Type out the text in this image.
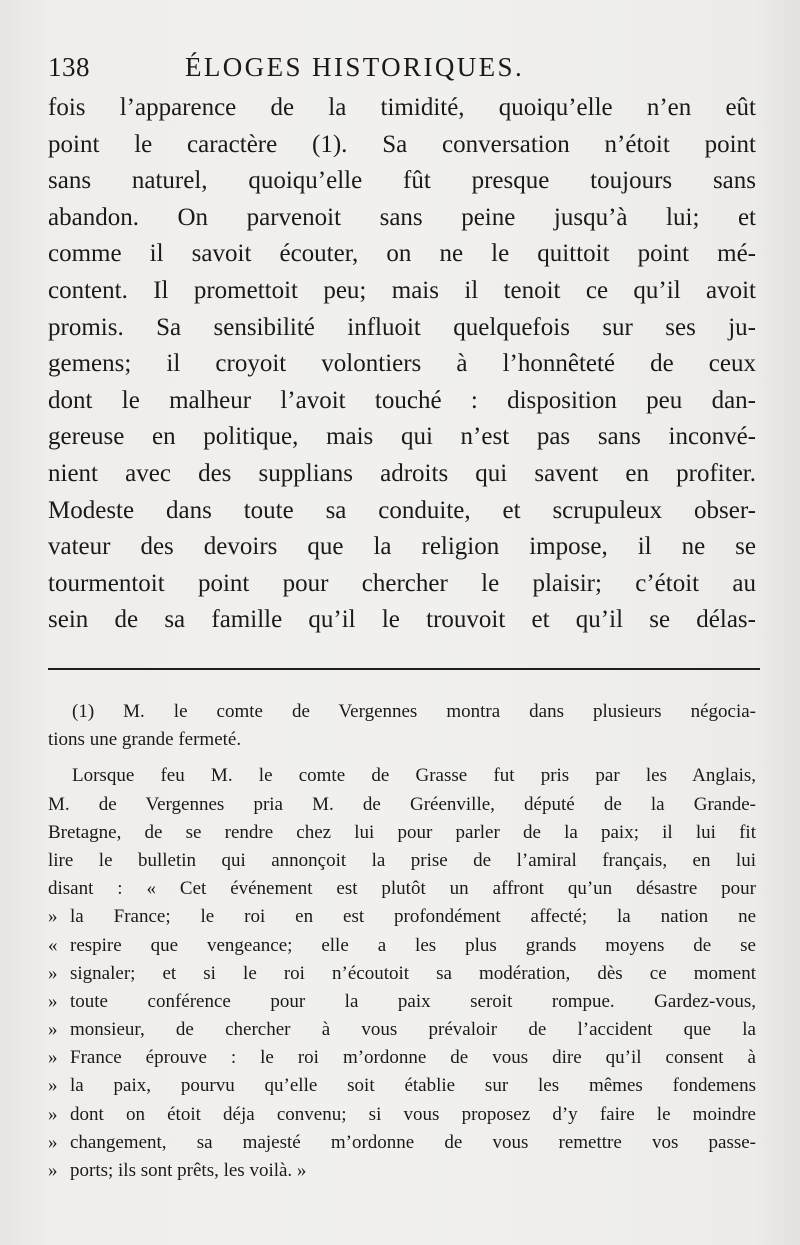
138	ÉLOGES HISTORIQUES.
fois l’apparence de la timidité, quoiqu’elle n’en eût
point le caractère (1). Sa conversation n’étoit point
sans naturel, quoiqu’elle fût presque toujours sans
abandon. On parvenoit sans peine jusqu’à lui; et
comme il savoit écouter, on ne le quittoit point mé-
content. Il promettoit peu; mais il tenoit ce qu’il avoit
promis. Sa sensibilité influoit quelquefois sur ses ju-
gemens; il croyoit volontiers à l’honnêteté de ceux
dont le malheur l’avoit touché : disposition peu dan-
gereuse en politique, mais qui n’est pas sans inconvé-
nient avec des supplians adroits qui savent en profiter.
Modeste dans toute sa conduite, et scrupuleux obser-
vateur des devoirs que la religion impose, il ne se
tourmentoit point pour chercher le plaisir; c’étoit au
sein de sa famille qu’il le trouvoit et qu’il se délas-
(1) M. le comte de Vergennes montra dans plusieurs négocia-
tions une grande fermeté.
Lorsque feu M. le comte de Grasse fut pris par les Anglais,
M. de Vergennes pria M. de Gréenville, député de la Grande-
Bretagne, de se rendre chez lui pour parler de la paix; il lui fit
lire le bulletin qui annonçoit la prise de l’amiral français, en lui
disant : « Cet événement est plutôt un affront qu’un désastre pour
» la France; le roi en est profondément affecté; la nation ne
« respire que vengeance; elle a les plus grands moyens de se
» signaler; et si le roi n’écoutoit sa modération, dès ce moment
» toute conférence pour la paix seroit rompue. Gardez-vous,
» monsieur, de chercher à vous prévaloir de l’accident que la
» France éprouve : le roi m’ordonne de vous dire qu’il consent à
» la paix, pourvu qu’elle soit établie sur les mêmes fondemens
» dont on étoit déja convenu; si vous proposez d’y faire le moindre
» changement, sa majesté m’ordonne de vous remettre vos passe-
» ports; ils sont prêts, les voilà. »
